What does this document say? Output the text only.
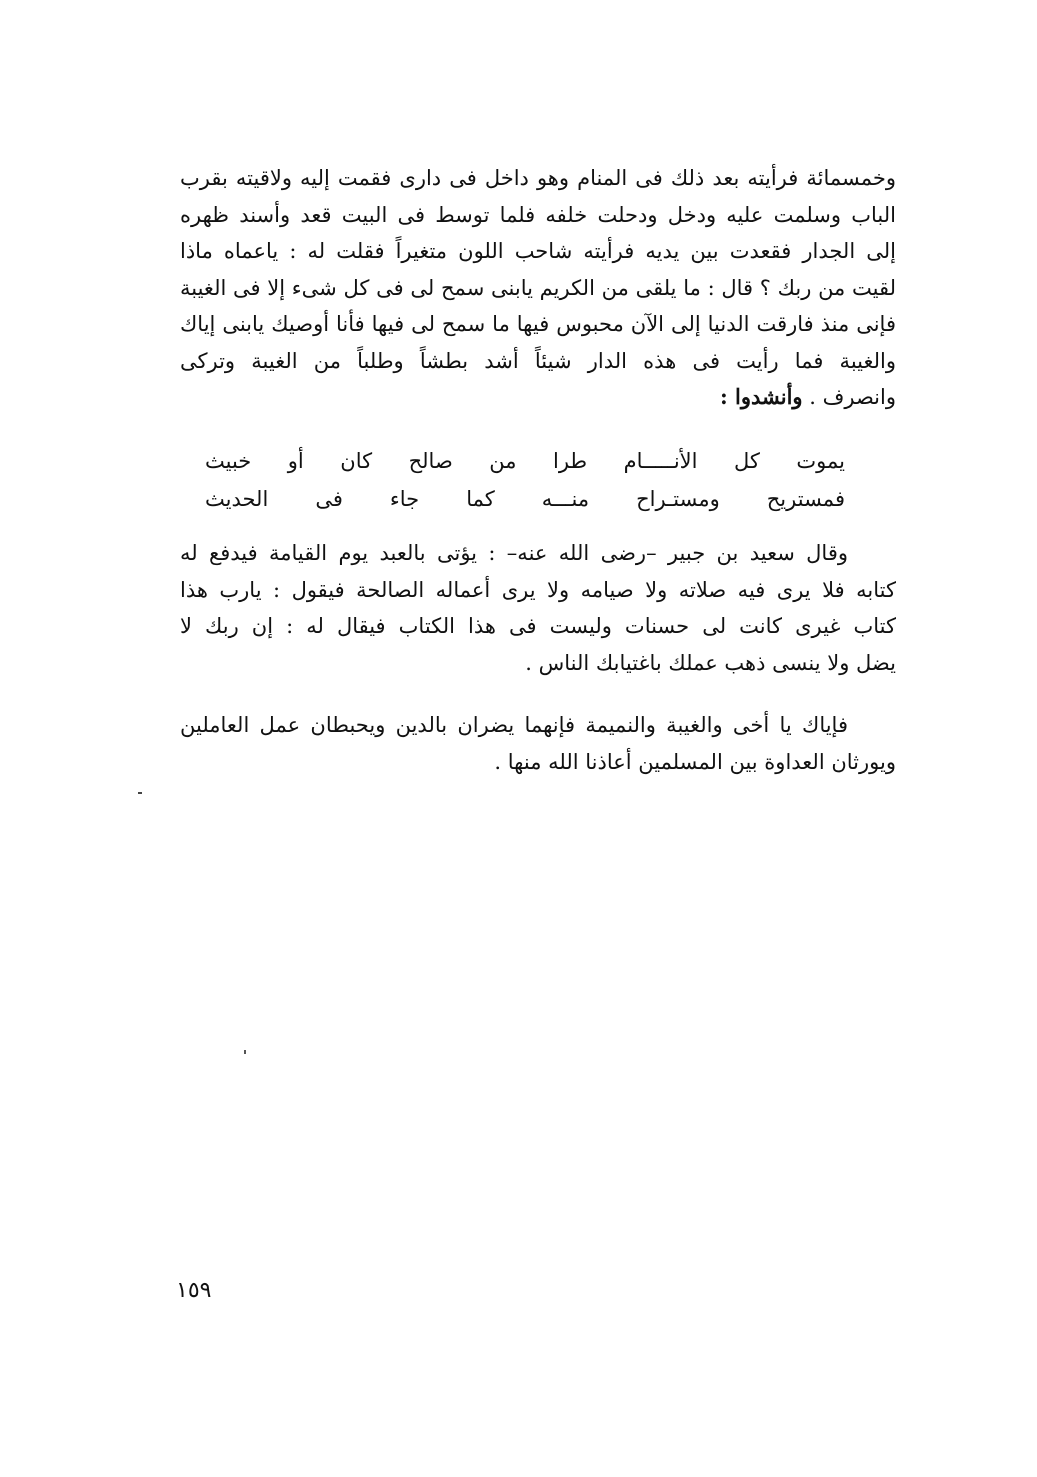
وخمسمائة فرأيته بعد ذلك فى المنام وهو داخل فى دارى فقمت إليه ولاقيته بقرب
الباب وسلمت عليه ودخل ودحلت خلفه فلما توسط فى البيت قعد وأسند ظهره
إلى الجدار فقعدت بين يديه فرأيته شاحب اللون متغيراً فقلت له : ياعماه ماذا
لقيت من ربك ؟ قال : ما يلقى من الكريم يابنى سمح لى فى كل شىء إلا فى الغيبة
فإنى منذ فارقت الدنيا إلى الآن محبوس فيها ما سمح لى فيها فأنا أوصيك يابنى إياك
والغيبة فما رأيت فى هذه الدار شيئاً أشد بطشاً وطلباً من الغيبة وتركى
وانصرف . وأنشدوا :
يموت
كل
الأنـــــام
طرا
من
صالح
كان
أو
خبيث
فمستريح
ومستـراح
منـــه
كما
جاء
فى
الحديث
وقال سعيد بن جبير –رضى الله عنه– : يؤتى بالعبد يوم القيامة فيدفع له
كتابه فلا يرى فيه صلاته ولا صيامه ولا يرى أعماله الصالحة فيقول : يارب هذا
كتاب غيرى كانت لى حسنات وليست فى هذا الكتاب فيقال له : إن ربك لا
يضل ولا ينسى ذهب عملك باغتيابك الناس .
فإياك يا أخى والغيبة والنميمة فإنهما يضران بالدين ويحبطان عمل العاملين
ويورثان العداوة بين المسلمين أعاذنا الله منها .
١٥٩
